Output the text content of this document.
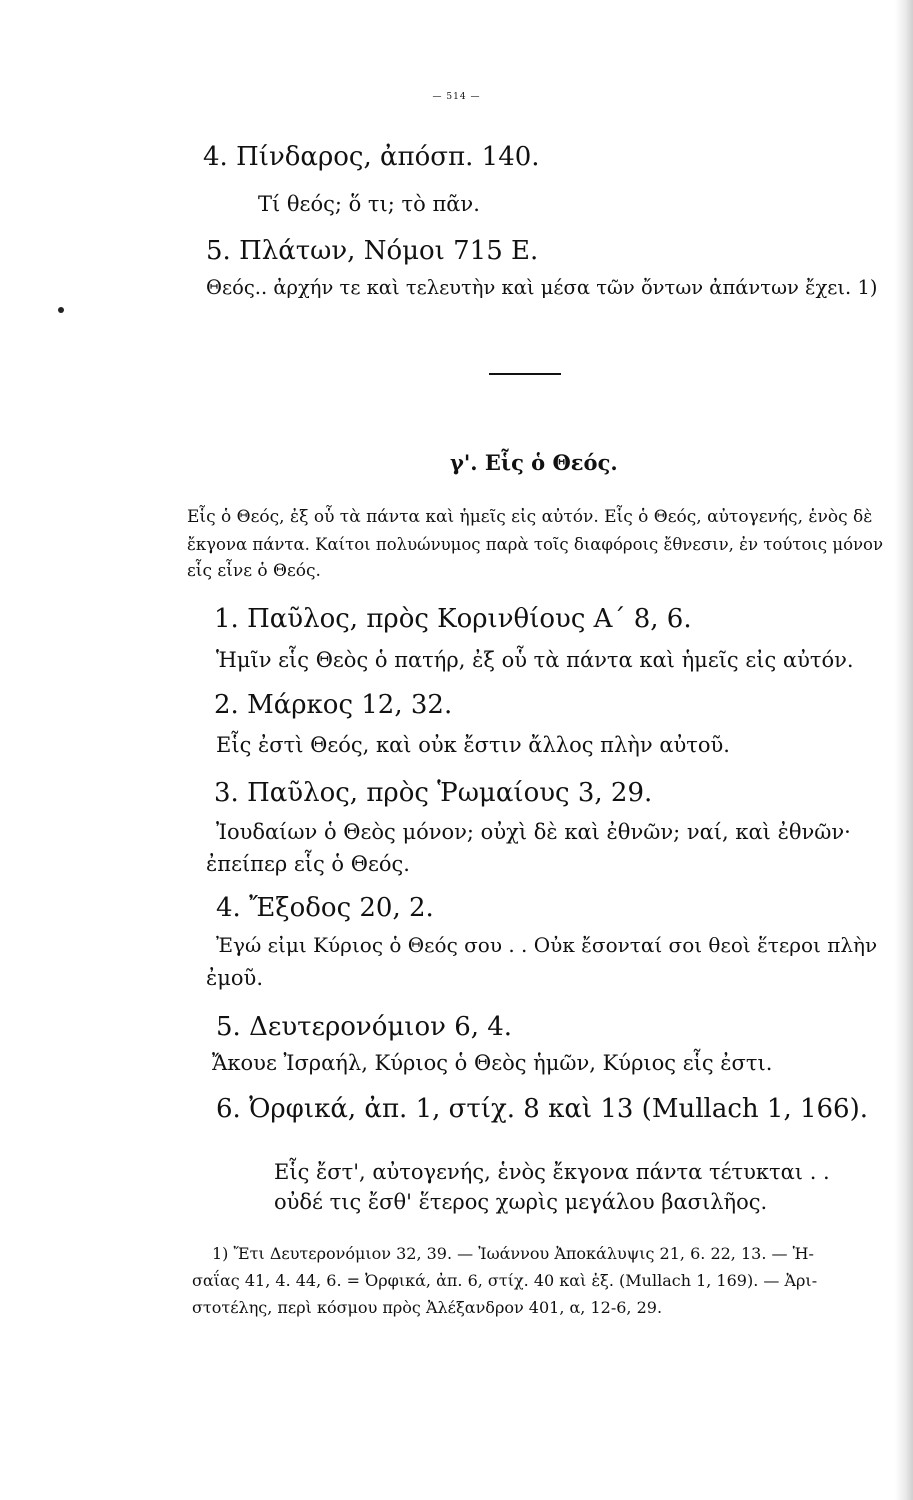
— 514 —
4. Πίνδαρος, ἀπόσπ. 140.
Τί θεός; ὅ τι; τὸ πᾶν.
5. Πλάτων, Νόμοι 715 Ε.
Θεός.. ἀρχήν τε καὶ τελευτὴν καὶ μέσα τῶν ὄντων ἀπάντων ἔχει. 1)
γ'. Εἷς ὁ Θεός.
Εἷς ὁ Θεός, ἐξ οὗ τὰ πάντα καὶ ἡμεῖς εἰς αὐτόν. Εἷς ὁ Θεός, αὐτογενής, ἑνὸς δὲ
ἔκγονα πάντα. Καίτοι πολυώνυμος παρὰ τοῖς διαφόροις ἔθνεσιν, ἐν τούτοις μόνον
εἷς εἶνε ὁ Θεός.
1. Παῦλος, πρὸς Κορινθίους Α΄ 8, 6.
Ἡμῖν εἷς Θεὸς ὁ πατήρ, ἐξ οὗ τὰ πάντα καὶ ἡμεῖς εἰς αὐτόν.
2. Μάρκος 12, 32.
Εἷς ἐστὶ Θεός, καὶ οὐκ ἔστιν ἄλλος πλὴν αὐτοῦ.
3. Παῦλος, πρὸς Ῥωμαίους 3, 29.
Ἰουδαίων ὁ Θεὸς μόνον; οὐχὶ δὲ καὶ ἐθνῶν; ναί, καὶ ἐθνῶν·
ἐπείπερ εἷς ὁ Θεός.
4. Ἔξοδος 20, 2.
Ἐγώ εἰμι Κύριος ὁ Θεός σου . . Οὐκ ἔσονταί σοι θεοὶ ἕτεροι πλὴν
ἐμοῦ.
5. Δευτερονόμιον 6, 4.
Ἄκουε Ἰσραήλ, Κύριος ὁ Θεὸς ἡμῶν, Κύριος εἷς ἐστι.
6. Ὀρφικά, ἀπ. 1, στίχ. 8 καὶ 13 (Mullach 1, 166).
Εἷς ἔστ', αὐτογενής, ἑνὸς ἔκγονα πάντα τέτυκται . .
οὐδέ τις ἔσθ' ἕτερος χωρὶς μεγάλου βασιλῆος.
1) Ἔτι Δευτερονόμιον 32, 39. — Ἰωάννου Ἀποκάλυψις 21, 6. 22, 13. — Ἡ-
σαΐας 41, 4. 44, 6. = Ὀρφικά, ἀπ. 6, στίχ. 40 καὶ ἑξ. (Mullach 1, 169). — Ἀρι-
στοτέλης, περὶ κόσμου πρὸς Ἀλέξανδρον 401, α, 12-6, 29.
